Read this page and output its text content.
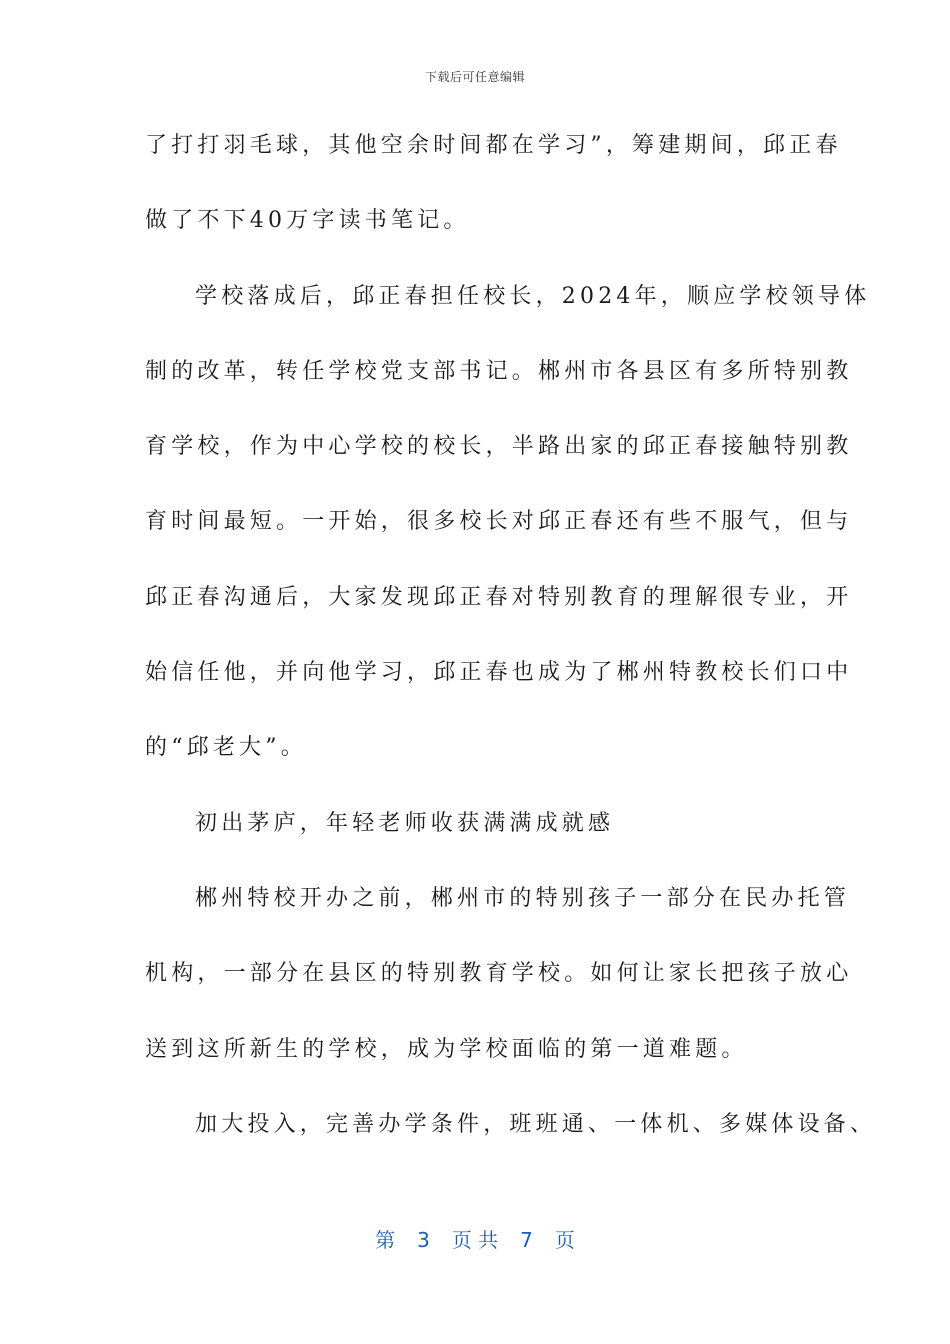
下载后可任意编辑
了打打羽毛球，其他空余时间都在学习”，筹建期间，邱正春
做了不下40万字读书笔记。
学校落成后，邱正春担任校长，2024年，顺应学校领导体
制的改革，转任学校党支部书记。郴州市各县区有多所特别教
育学校，作为中心学校的校长，半路出家的邱正春接触特别教
育时间最短。一开始，很多校长对邱正春还有些不服气，但与
邱正春沟通后，大家发现邱正春对特别教育的理解很专业，开
始信任他，并向他学习，邱正春也成为了郴州特教校长们口中
的“邱老大”。
初出茅庐，年轻老师收获满满成就感
郴州特校开办之前，郴州市的特别孩子一部分在民办托管
机构，一部分在县区的特别教育学校。如何让家长把孩子放心
送到这所新生的学校，成为学校面临的第一道难题。
加大投入，完善办学条件，班班通、一体机、多媒体设备、
第 3 页 共 7 页
